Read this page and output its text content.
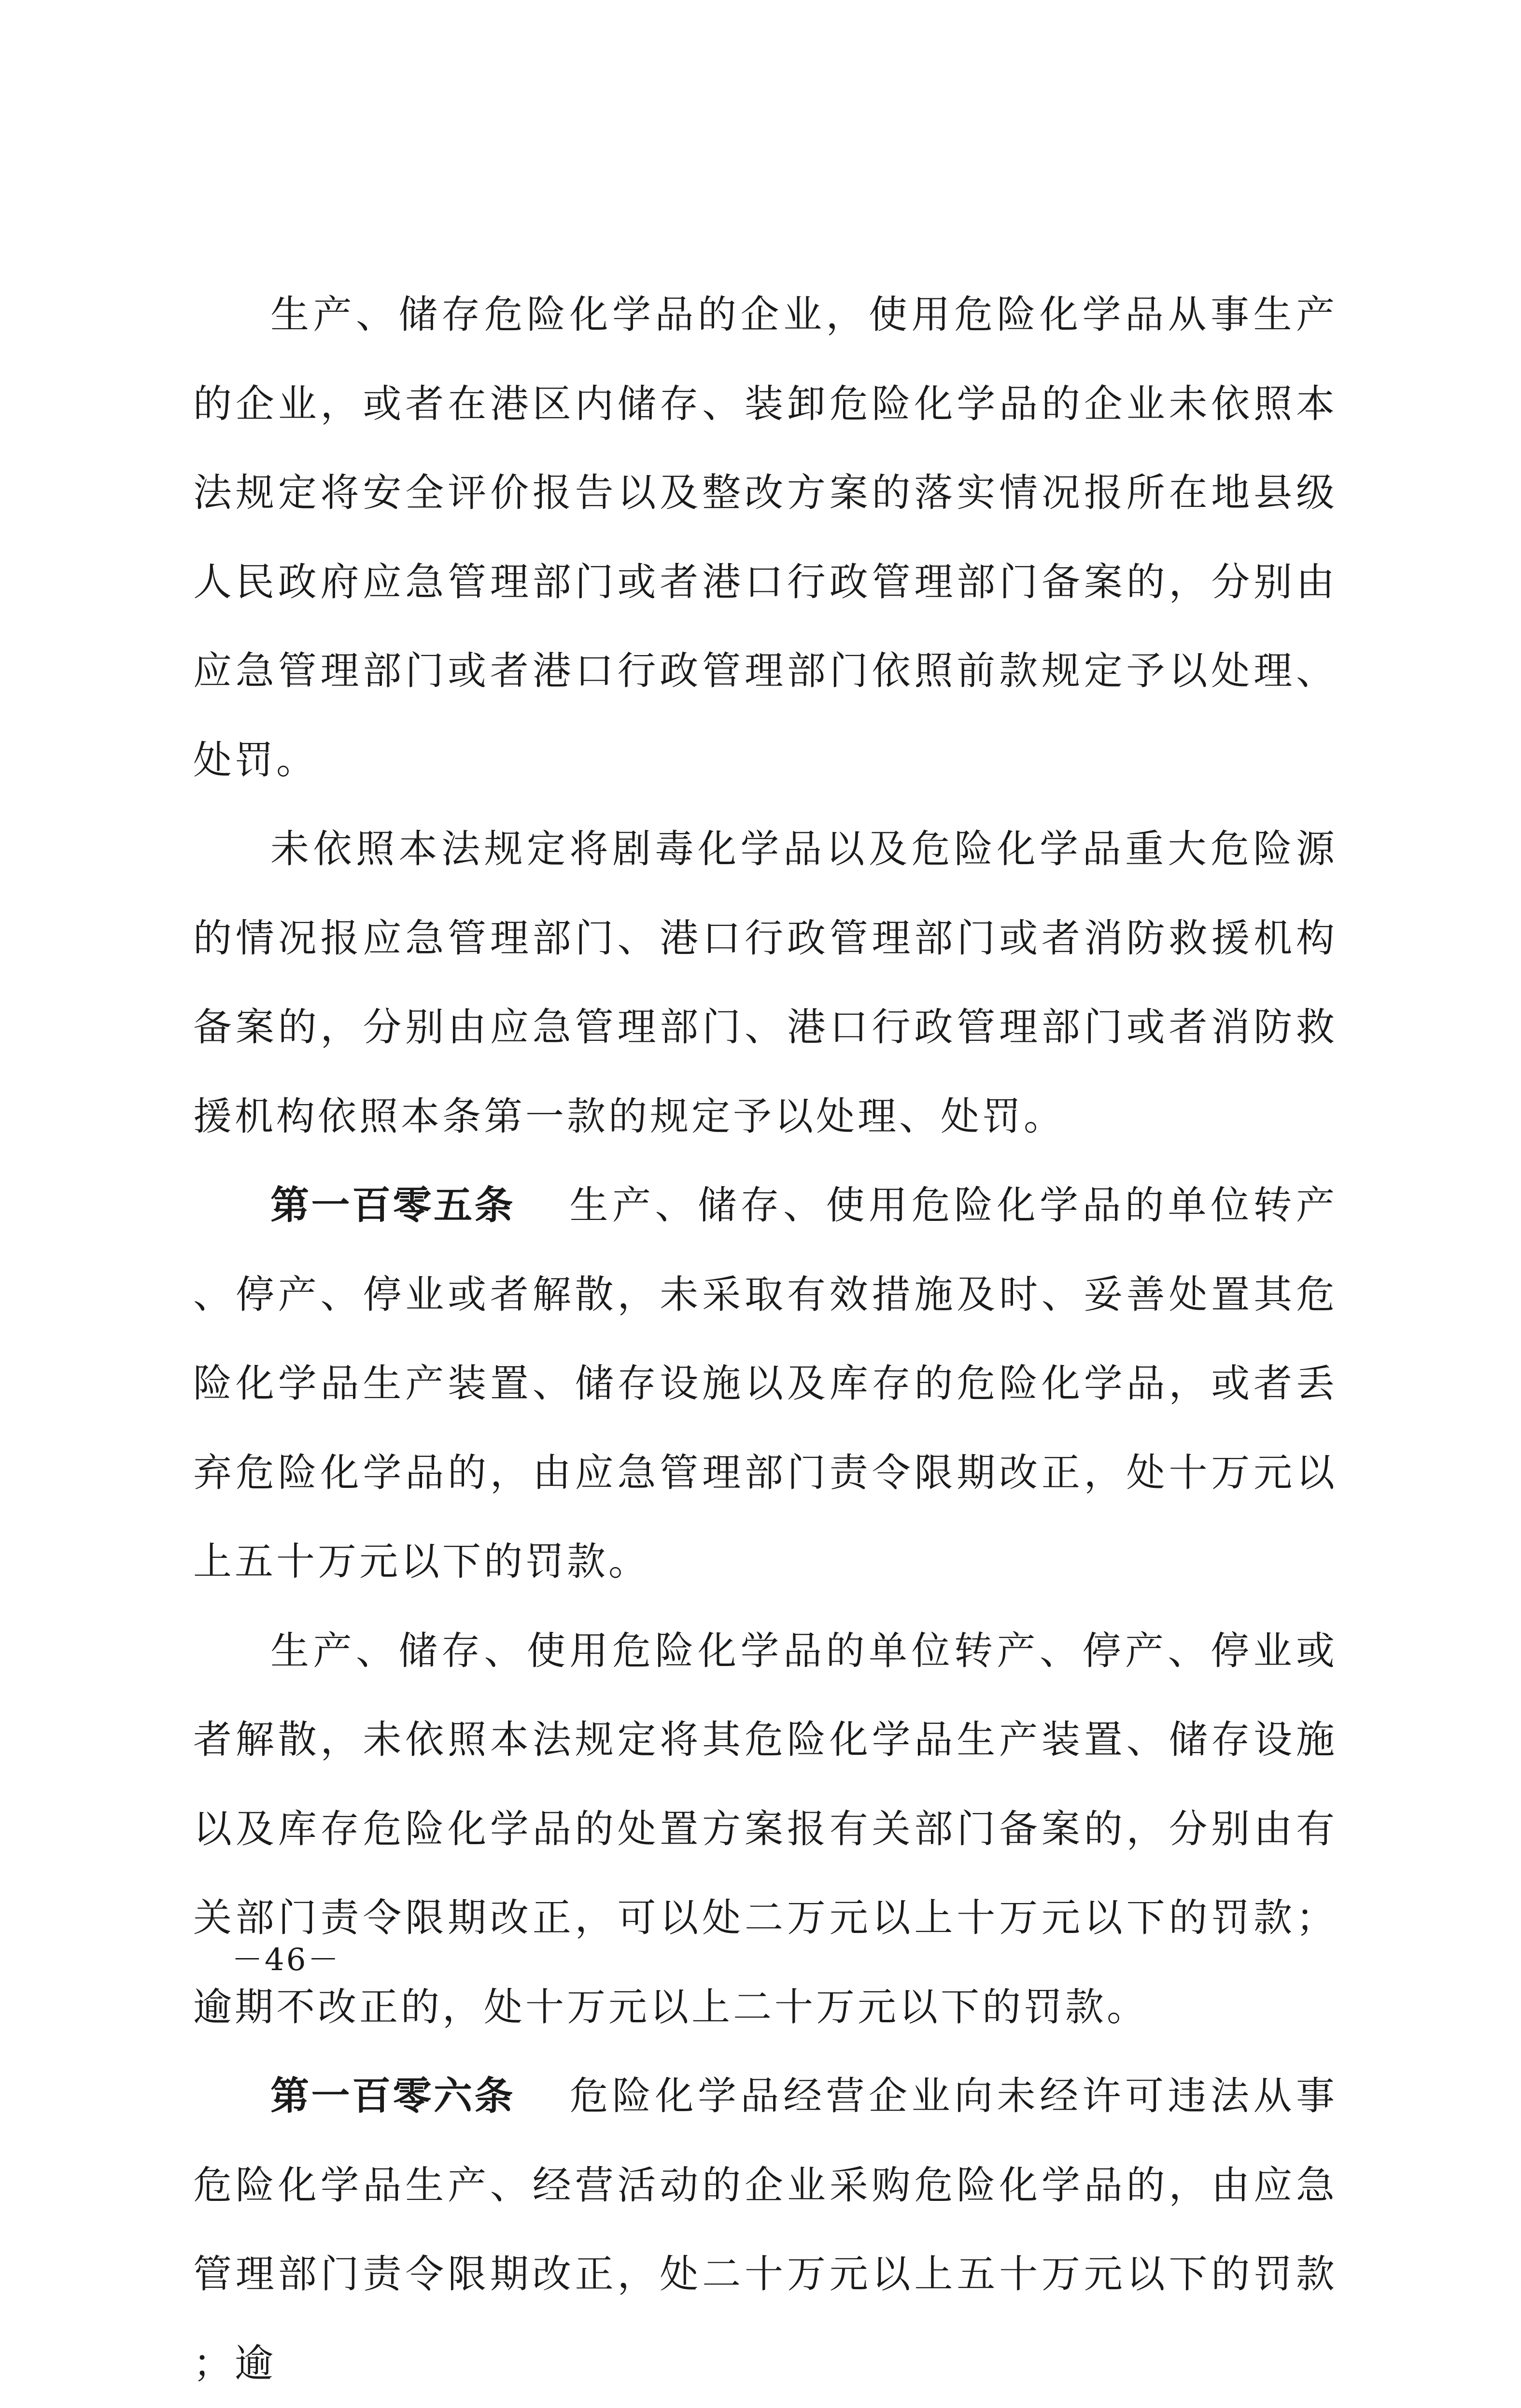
生产、储存危险化学品的企业，使用危险化学品从事生产的企业，或者在港区内储存、装卸危险化学品的企业未依照本法规定将安全评价报告以及整改方案的落实情况报所在地县级人民政府应急管理部门或者港口行政管理部门备案的，分别由应急管理部门或者港口行政管理部门依照前款规定予以处理、处罚。

未依照本法规定将剧毒化学品以及危险化学品重大危险源的情况报应急管理部门、港口行政管理部门或者消防救援机构备案的，分别由应急管理部门、港口行政管理部门或者消防救援机构依照本条第一款的规定予以处理、处罚。

第一百零五条 生产、储存、使用危险化学品的单位转产、停产、停业或者解散，未采取有效措施及时、妥善处置其危险化学品生产装置、储存设施以及库存的危险化学品，或者丢弃危险化学品的，由应急管理部门责令限期改正，处十万元以上五十万元以下的罚款。

生产、储存、使用危险化学品的单位转产、停产、停业或者解散，未依照本法规定将其危险化学品生产装置、储存设施以及库存危险化学品的处置方案报有关部门备案的，分别由有关部门责令限期改正，可以处二万元以上十万元以下的罚款；逾期不改正的，处十万元以上二十万元以下的罚款。

第一百零六条 危险化学品经营企业向未经许可违法从事危险化学品生产、经营活动的企业采购危险化学品的，由应急管理部门责令限期改正，处二十万元以上五十万元以下的罚款；逾

－46－
